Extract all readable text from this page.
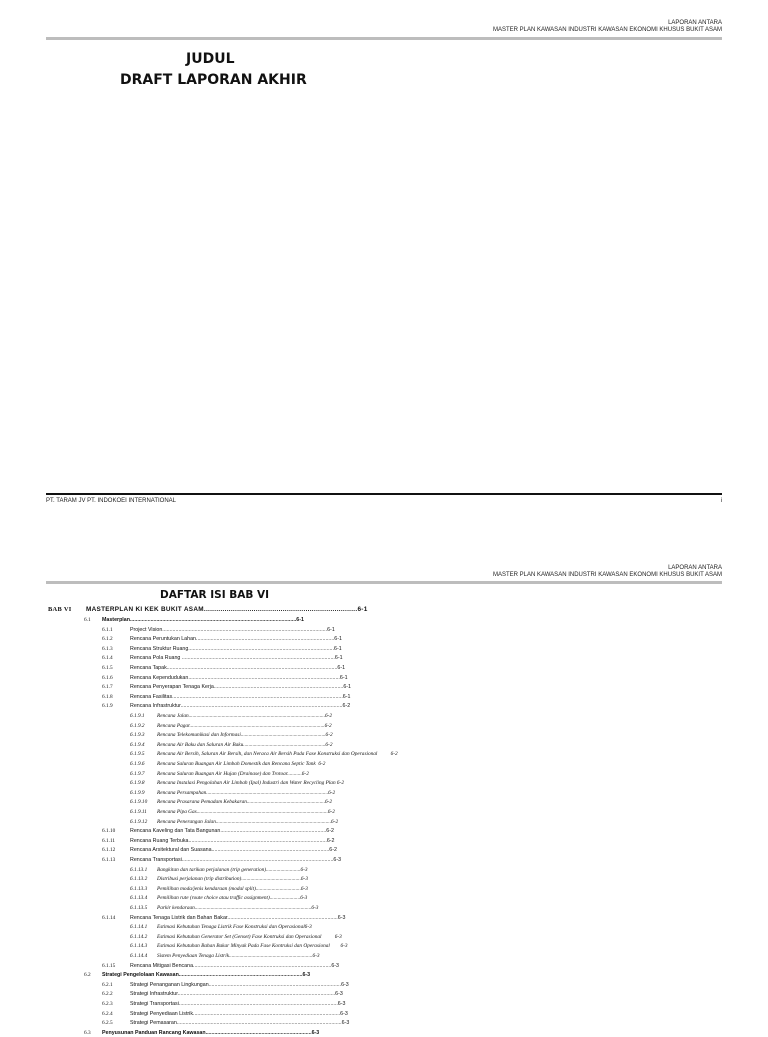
LAPORAN ANTARA
MASTER PLAN KAWASAN INDUSTRI KAWASAN EKONOMI KHUSUS BUKIT ASAM
JUDUL
DRAFT LAPORAN AKHIR
PT. TARAM JV PT. INDOKOEI INTERNATIONAL	i
LAPORAN ANTARA
MASTER PLAN KAWASAN INDUSTRI KAWASAN EKONOMI KHUSUS BUKIT ASAM
DAFTAR ISI BAB VI
BAB VI MASTERPLAN KI KEK BUKIT ASAM..........................................................................6-1
6.1 Masterplan.................................................................................................................6-1
6.1.1	Project Vision................................................................................................................6-1
6.1.2	Rencana Peruntukan Lahan..............................................................................................6-1
6.1.3	Rencana Struktur Ruang...................................................................................................6-1
6.1.4	Rencana Pola Ruang ........................................................................................................6-1
6.1.5	Rencana Tapak....................................................................................................................6-1
6.1.6	Rencana Kependudukan.......................................................................................................6-1
6.1.7	Rencana Penyerapan Tenaga Kerja........................................................................................6-1
6.1.8	Rencana Fasilitas....................................................................................................................6-1
6.1.9	Rencana Infrastruktur..............................................................................................................6-2
6.1.9.1 Rencana Jalan.......................................................................................................6-2
6.1.9.2 Rencana Pagar......................................................................................................6-2
6.1.9.3 Rencana Telekomunikasi dan Informasi................................................................6-2
6.1.9.4 Rencana Air Baku dan Saluran Air Baku..............................................................6-2
6.1.9.5 Rencana Air Bersih, Saluran Air Bersih, dan Neraca Air Bersih Pada Fase Konstruksi dan Operasional          6-2
6.1.9.6 Rencana Saluran Buangan Air Limbah Domestik dan Rencana Septic Tank  6-2
6.1.9.7 Rencana Saluran Buangan Air Hujan (Drainase) dan Trotoar...........6-2
6.1.9.8 Rencana Instalasi Pengolahan Air Limbah (Ipal) Industri dan Water Recycling Plan 6-2
6.1.9.9 Rencana Persampahan............................................................................................6-2
6.1.9.10 Rencana Prasarana Pemadam Kebakaran...........................................................6-2
6.1.9.11 Rencana Pipa Gas...................................................................................................6-2
6.1.9.12 Rencana Penerangan Jalan.......................................................................................6-2
6.1.10	Rencana Kaveling dan Tata Bangunan........................................................................6-2
6.1.11	Rencana Ruang Terbuka..............................................................................................6-2
6.1.12	Rencana Arsitektural dan Suasana................................................................................6-2
6.1.13	Rencana Transportasi.......................................................................................................6-3
6.1.13.1 Bangkitan dan tarikan perjalanan (trip generation)..........................6-3
6.1.13.2 Distribusi perjalanan (trip distribution).............................................6-3
6.1.13.3 Pemilihan moda/jenis kendaraan (modal split)..................................6-3
6.1.13.4 Pemilihan rute (route choice atau traffic assignment).......................6-3
6.1.13.5 Parkir kendaraan........................................................................................6-3
6.1.14	Rencana Tenaga Listrik dan Bahan Bakar...........................................................................6-3
6.1.14.1 Estimasi Kebutuhan Tenaga Listrik Fase Konstruksi dan Operasional6-3
6.1.14.2 Estimasi Kebutuhan Generator Set (Genset) Fase Kontruksi dan Operasional          6-3
6.1.14.3 Estimasi Kebutuhan Bahan Bakar Minyak Pada Fase Kontruksi dan Operasional        6-3
6.1.14.4 Sistem Penyediaan Tenaga Listrik...............................................................6-3
6.1.15	Rencana Mitigasi Bencana..............................................................................................6-3
6.2 Strategi Pengelolaan Kawasan....................................................................................6-3
6.2.1	Strategi Penanganan Lingkungan..........................................................................................6-3
6.2.2	Strategi Infrastruktur...........................................................................................................6-3
6.2.3	Strategi Transportasi............................................................................................................6-3
6.2.4	Strategi Penyediaan Listrik....................................................................................................6-3
6.2.5	Strategi Pemasaran................................................................................................................6-3
6.3 Penyusunan Panduan Rancang Kawasan........................................................................6-3
